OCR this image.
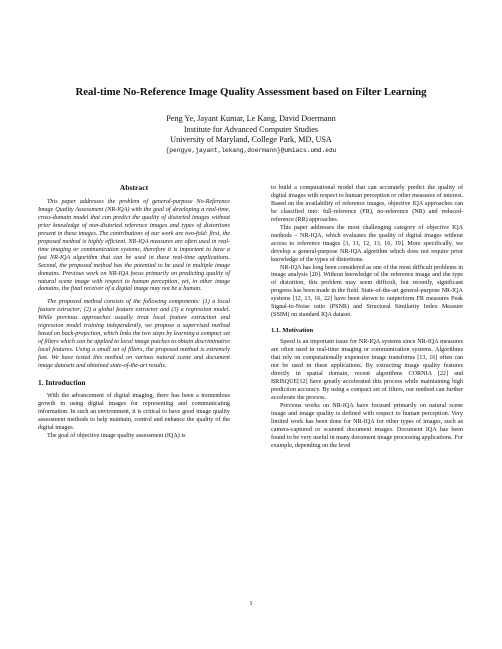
Real-time No-Reference Image Quality Assessment based on Filter Learning
Peng Ye, Jayant Kumar, Le Kang, David Doermann
Institute for Advanced Computer Studies
University of Maryland, College Park, MD, USA
{pengye,jayant,lekang,doermann}@umiacs.umd.edu
Abstract

This paper addresses the problem of general-purpose No-Reference Image Quality Assessment (NR-IQA) with the goal of developing a real-time, cross-domain model that can predict the quality of distorted images without prior knowledge of non-distorted reference images and types of distortions present in these images. The contributions of our work are two-fold: first, the proposed method is highly efficient. NR-IQA measures are often used in real-time imaging or communication systems, therefore it is important to have a fast NR-IQA algorithm that can be used in these real-time applications. Second, the proposed method has the potential to be used in multiple image domains. Previous work on NR-IQA focus primarily on predicting quality of natural scene image with respect to human perception, yet, in other image domains, the final receiver of a digital image may not be a human.

The proposed method consists of the following components: (1) a local feature extractor; (2) a global feature extractor and (3) a regression model. While previous approaches usually treat local feature extraction and regression model training independently, we propose a supervised method based on back-projection, which links the two steps by learning a compact set of filters which can be applied to local image patches to obtain discriminative local features. Using a small set of filters, the proposed method is extremely fast. We have tested this method on various natural scene and document image datasets and obtained state-of-the-art results.

1. Introduction

With the advancement of digital imaging, there has been a tremendous growth in using digital images for representing and communicating information. In such an environment, it is critical to have good image quality assessment methods to help maintain, control and enhance the quality of the digital images.

The goal of objective image quality assessment (IQA) is

to build a computational model that can accurately predict the quality of digital images with respect to human perception or other measures of interest. Based on the availability of reference images, objective IQA approaches can be classified into: full-reference (FR), no-reference (NR) and reduced-reference (RR) approaches.

This paper addresses the most challenging category of objective IQA methods – NR-IQA, which evaluates the quality of digital images without access to reference images [3, 11, 12, 13, 16, 19]. More specifically, we develop a general-purpose NR-IQA algorithm which does not require prior knowledge of the types of distortions.

NR-IQA has long been considered as one of the most difficult problems in image analysis [20]. Without knowledge of the reference image and the type of distortion, this problem may seem difficult, but recently, significant progress has been made in the field. State-of-the-art general-purpose NR-IQA systems [12, 13, 16, 22] have been shown to outperform FR measures Peak Signal-to-Noise ratio (PSNR) and Structural Similarity Index Measure (SSIM) on standard IQA dataset.

1.1. Motivation

Speed is an important issue for NR-IQA systems since NR-IQA measures are often used in real-time imaging or communication systems. Algorithms that rely on computationally expensive image transforms [13, 16] often can not be used in these applications. By extracting image quality features directly in spatial domain, recent algorithms CORNIA [22] and BRISQUE[12] have greatly accelerated this process while maintaining high prediction accuracy. By using a compact set of filters, our method can further accelerate the process.

Previous works on NR-IQA have focused primarily on natural scene image and image quality is defined with respect to human perception. Very limited work has been done for NR-IQA for other types of images, such as camera-captured or scanned document images. Document IQA has been found to be very useful in many document image processing applications. For example, depending on the level

1
